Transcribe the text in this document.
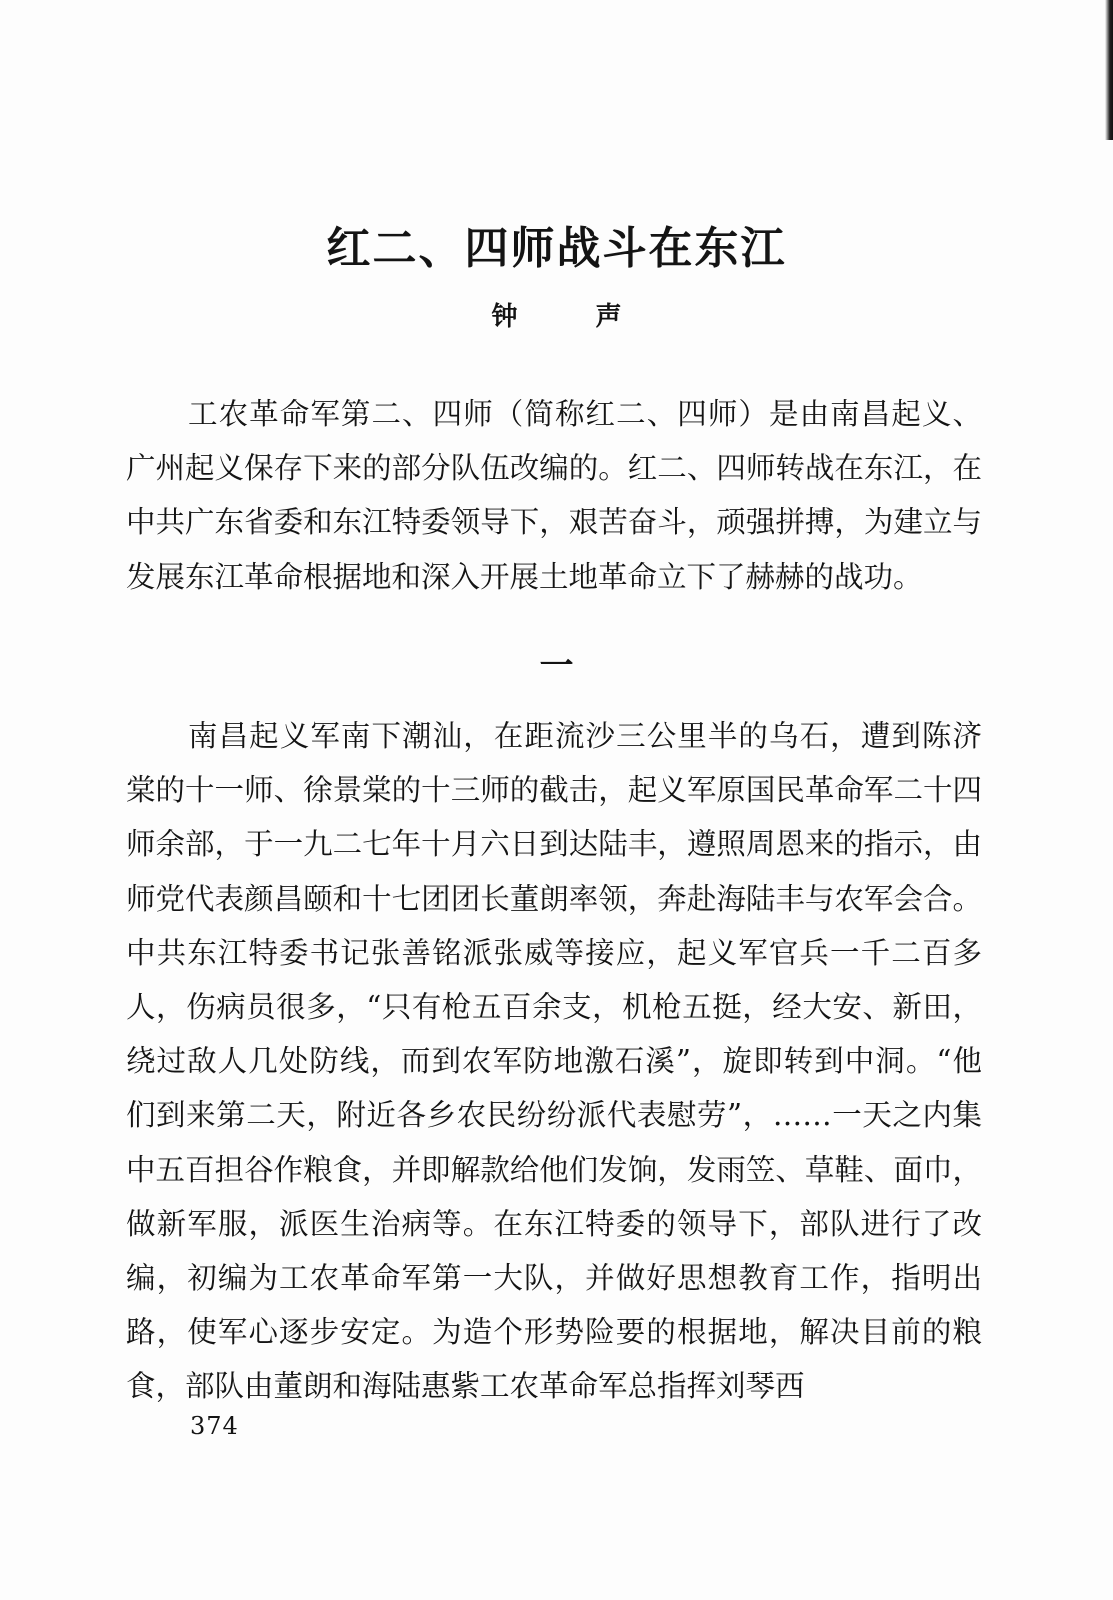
红二、四师战斗在东江
钟	声

工农革命军第二、四师（简称红二、四师）是由南昌起义、广州起义保存下来的部分队伍改编的。红二、四师转战在东江，在中共广东省委和东江特委领导下，艰苦奋斗，顽强拼搏，为建立与发展东江革命根据地和深入开展土地革命立下了赫赫的战功。

一

南昌起义军南下潮汕，在距流沙三公里半的乌石，遭到陈济棠的十一师、徐景棠的十三师的截击，起义军原国民革命军二十四师余部，于一九二七年十月六日到达陆丰，遵照周恩来的指示，由师党代表颜昌颐和十七团团长董朗率领，奔赴海陆丰与农军会合。中共东江特委书记张善铭派张威等接应，起义军官兵一千二百多人，伤病员很多，“只有枪五百余支，机枪五挺，经大安、新田，绕过敌人几处防线，而到农军防地激石溪”，旋即转到中洞。“他们到来第二天，附近各乡农民纷纷派代表慰劳”，……一天之内集中五百担谷作粮食，并即解款给他们发饷，发雨笠、草鞋、面巾，做新军服，派医生治病等。在东江特委的领导下，部队进行了改编，初编为工农革命军第一大队，并做好思想教育工作，指明出路，使军心逐步安定。为造个形势险要的根据地，解决目前的粮食，部队由董朗和海陆惠紫工农革命军总指挥刘琴西

374
